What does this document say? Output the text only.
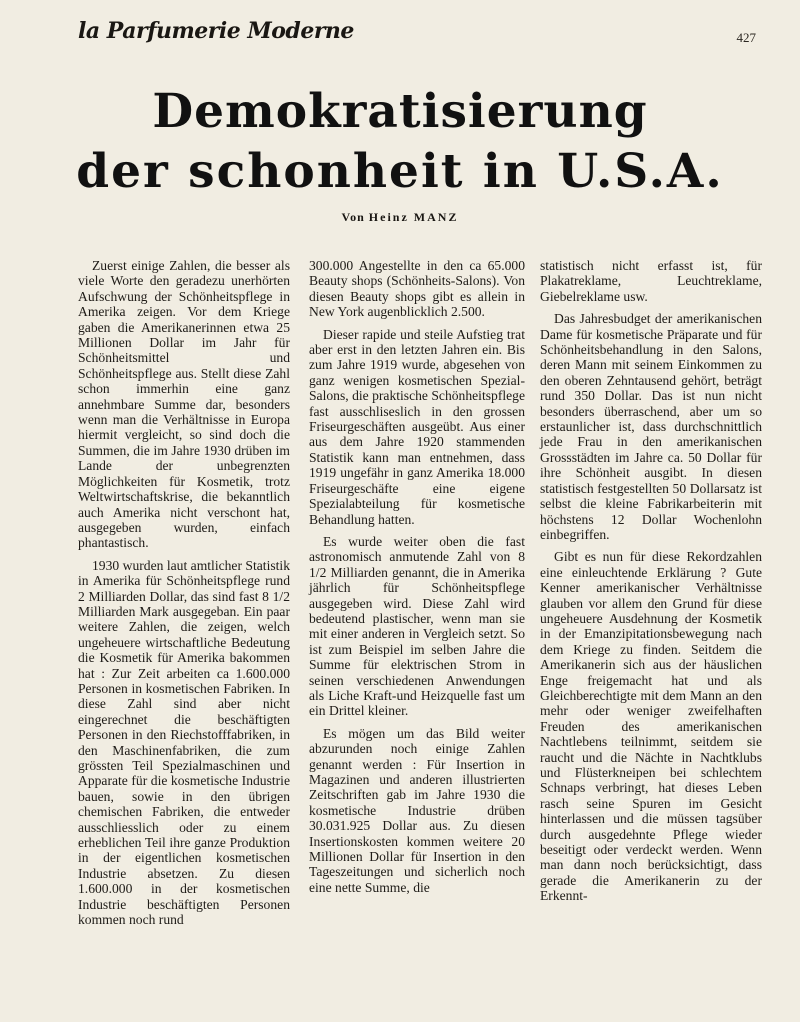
la Parfumerie Moderne	427
Demokratisierung
der schonheit in U.S.A.
Von Heinz MANZ

Zuerst einige Zahlen, die besser als viele Worte den geradezu unerhörten Aufschwung der Schönheitspflege in Amerika zeigen. Vor dem Kriege gaben die Amerikanerinnen etwa 25 Millionen Dollar im Jahr für Schönheitsmittel und Schönheitspflege aus. Stellt diese Zahl schon immerhin eine ganz annehmbare Summe dar, besonders wenn man die Verhältnisse in Europa hiermit vergleicht, so sind doch die Summen, die im Jahre 1930 drüben im Lande der unbegrenzten Möglichkeiten für Kosmetik, trotz Weltwirtschaftskrise, die bekanntlich auch Amerika nicht verschont hat, ausgegeben wurden, einfach phantastisch.

1930 wurden laut amtlicher Statistik in Amerika für Schönheitspflege rund 2 Milliarden Dollar, das sind fast 8 1/2 Milliarden Mark ausgegeban. Ein paar weitere Zahlen, die zeigen, welch ungeheuere wirtschaftliche Bedeutung die Kosmetik für Amerika bakommen hat : Zur Zeit arbeiten ca 1.600.000 Personen in kosmetischen Fabriken. In diese Zahl sind aber nicht eingerechnet die beschäftigten Personen in den Riechstofffabriken, in den Maschinenfabriken, die zum grössten Teil Spezialmaschinen und Apparate für die kosmetische Industrie bauen, sowie in den übrigen chemischen Fabriken, die entweder ausschliesslich oder zu einem erheblichen Teil ihre ganze Produktion in der eigentlichen kosmetischen Industrie absetzen. Zu diesen 1.600.000 in der kosmetischen Industrie beschäftigten Personen kommen noch rund

300.000 Angestellte in den ca 65.000 Beauty shops (Schönheits-Salons). Von diesen Beauty shops gibt es allein in New York augenblicklich 2.500.

Dieser rapide und steile Aufstieg trat aber erst in den letzten Jahren ein. Bis zum Jahre 1919 wurde, abgesehen von ganz wenigen kosmetischen Spezial-Salons, die praktische Schönheitspflege fast ausschliseslich in den grossen Friseurgeschäften ausgeübt. Aus einer aus dem Jahre 1920 stammenden Statistik kann man entnehmen, dass 1919 ungefähr in ganz Amerika 18.000 Friseurgeschäfte eine eigene Spezialabteilung für kosmetische Behandlung hatten.

Es wurde weiter oben die fast astronomisch anmutende Zahl von 8 1/2 Milliarden genannt, die in Amerika jährlich für Schönheitspflege ausgegeben wird. Diese Zahl wird bedeutend plastischer, wenn man sie mit einer anderen in Vergleich setzt. So ist zum Beispiel im selben Jahre die Summe für elektrischen Strom in seinen verschiedenen Anwendungen als Liche Kraft-und Heizquelle fast um ein Drittel kleiner.

Es mögen um das Bild weiter abzurunden noch einige Zahlen genannt werden : Für Insertion in Magazinen und anderen illustrierten Zeitschriften gab im Jahre 1930 die kosmetische Industrie drüben 30.031.925 Dollar aus. Zu diesen Insertionskosten kommen weitere 20 Millionen Dollar für Insertion in den Tageszeitungen und sicherlich noch eine nette Summe, die

statistisch nicht erfasst ist, für Plakatreklame, Leuchtreklame, Giebelreklame usw.

Das Jahresbudget der amerikanischen Dame für kosmetische Präparate und für Schönheitsbehandlung in den Salons, deren Mann mit seinem Einkommen zu den oberen Zehntausend gehört, beträgt rund 350 Dollar. Das ist nun nicht besonders überraschend, aber um so erstaunlicher ist, dass durchschnittlich jede Frau in den amerikanischen Grossstädten im Jahre ca. 50 Dollar für ihre Schönheit ausgibt. In diesen statistisch festgestellten 50 Dollarsatz ist selbst die kleine Fabrikarbeiterin mit höchstens 12 Dollar Wochenlohn einbegriffen.

Gibt es nun für diese Rekordzahlen eine einleuchtende Erklärung ? Gute Kenner amerikanischer Verhältnisse glauben vor allem den Grund für diese ungeheuere Ausdehnung der Kosmetik in der Emanzipitationsbewegung nach dem Kriege zu finden. Seitdem die Amerikanerin sich aus der häuslichen Enge freigemacht hat und als Gleichberechtigte mit dem Mann an den mehr oder weniger zweifelhaften Freuden des amerikanischen Nachtlebens teilnimmt, seitdem sie raucht und die Nächte in Nachtklubs und Flüsterkneipen bei schlechtem Schnaps verbringt, hat dieses Leben rasch seine Spuren im Gesicht hinterlassen und die müssen tagsüber durch ausgedehnte Pflege wieder beseitigt oder verdeckt werden. Wenn man dann noch berücksichtigt, dass gerade die Amerikanerin zu der Erkennt-
